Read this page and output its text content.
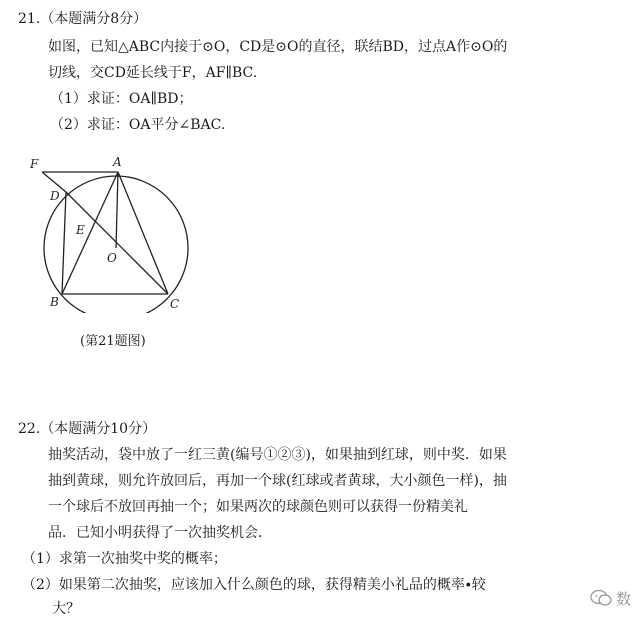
21.（本题满分8分）
如图，已知△ABC内接于⊙O，CD是⊙O的直径，联结BD，过点A作⊙O的
切线，交CD延长线于F，AF∥BC.
（1）求证：OA∥BD；
（2）求证：OA平分∠BAC.
F	A
D
E
O
B	C
(第21题图)
22.（本题满分10分）
抽奖活动，袋中放了一红三黄(编号①②③)，如果抽到红球，则中奖．如果
抽到黄球，则允许放回后，再加一个球(红球或者黄球，大小颜色一样)，抽
一个球后不放回再抽一个；如果两次的球颜色则可以获得一份精美礼
品．已知小明获得了一次抽奖机会．
（1）求第一次抽奖中奖的概率；
（2）如果第二次抽奖，应该加入什么颜色的球，获得精美小礼品的概率∙较
大？
数
